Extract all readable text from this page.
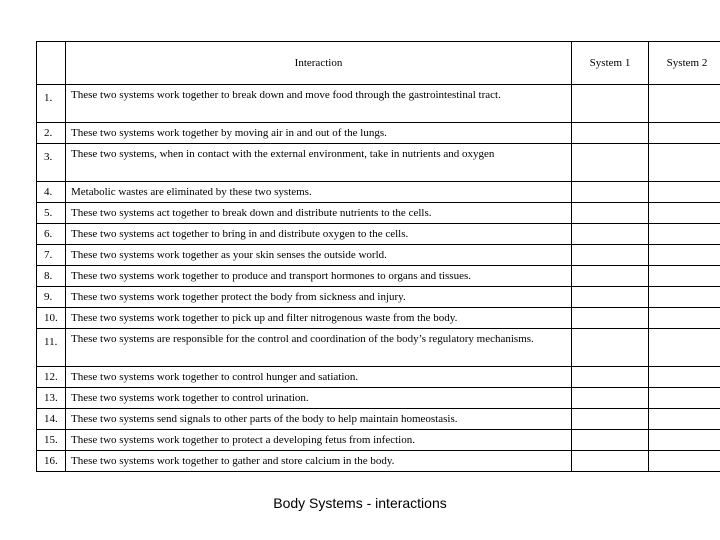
	Interaction	System 1	System 2
1.	These two systems work together to break down and move food through the gastrointestinal tract.		
2.	These two systems work together by moving air in and out of the lungs.		
3.	These two systems, when in contact with the external environment, take in nutrients and oxygen		
4.	Metabolic wastes are eliminated by these two systems.		
5.	These two systems act together to break down and distribute nutrients to the cells.		
6.	These two systems act together to bring in and distribute oxygen to the cells.		
7.	These two systems work together as your skin senses the outside world.		
8.	These two systems work together to produce and transport hormones to organs and tissues.		
9.	These two systems work together protect the body from sickness and injury.		
10.	These two systems work together to pick up and filter nitrogenous waste from the body.		
11.	These two systems are responsible for the control and coordination of the body’s regulatory mechanisms.		
12.	These two systems work together to control hunger and satiation.		
13.	These two systems work together to control urination.		
14.	These two systems send signals to other parts of the body to help maintain homeostasis.		
15.	These two systems work together to protect a developing fetus from infection.		
16.	These two systems work together to gather and store calcium in the body.		
Body Systems - interactions
